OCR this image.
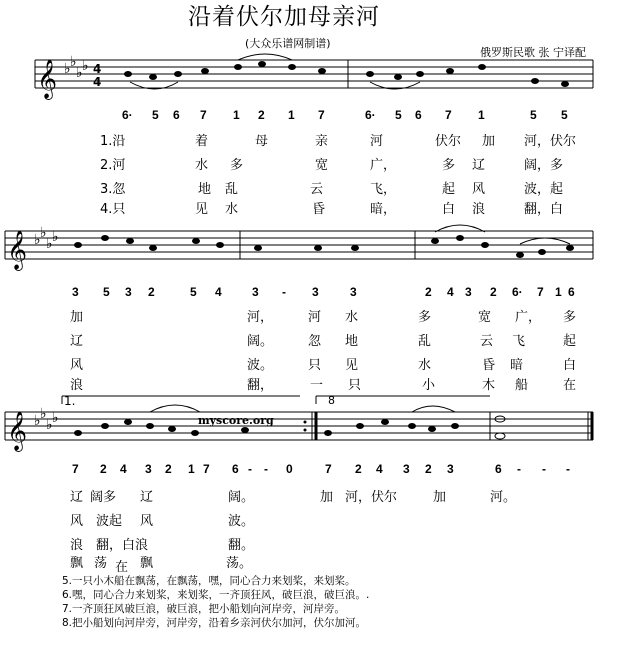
沿着伏尔加母亲河
(大众乐谱网制谱)
俄罗斯民歌 张 宁译配
𝄞 ♭ ♭
♭ ♭ 4
4
𝄞 ♭ ♭
♭ ♭
𝄞 ♭ ♭
♭ ♭
1.	8
myscore.org
6· 5 6 7 1 2 1 7	6· 5 6 7 1	5 5
1.沿	着	母	亲	河	伏尔 加 河，伏尔
2.河	水 多	宽	广，	多 辽	阔，多
3.忽	地 乱	云	飞，	起 风	波，起
4.只	见 水	昏	暗，	白 浪	翻，白
3 5 3 2	5 4	3 - 3	3	2 4 3 2 6· 7 1 6
加	河，	河 水	多	宽 广， 多
辽	阔。	忽 地	乱	云 飞	起
风	波。	只 见	水	昏 暗	白
浪	翻，	一 只	小	木 船	在
7 2 4 3 2 1 7 6 - - 0	7 2 4 3 2 3	6 - - -
辽 阔多 辽	阔。	加 河，伏尔	加	河。
风 波起 风	波。
浪 翻，白浪	翻。
飘 荡 在 飘	荡。
5.一只小木船在飘荡，在飘荡，嘿，同心合力来划桨，来划桨。
6.嘿，同心合力来划桨，来划桨，一齐顶狂风，破巨浪，破巨浪。.
7.一齐顶狂风破巨浪，破巨浪，把小船划向河岸旁，河岸旁。
8.把小船划向河岸旁，河岸旁，沿着乡亲河伏尔加河，伏尔加河。
